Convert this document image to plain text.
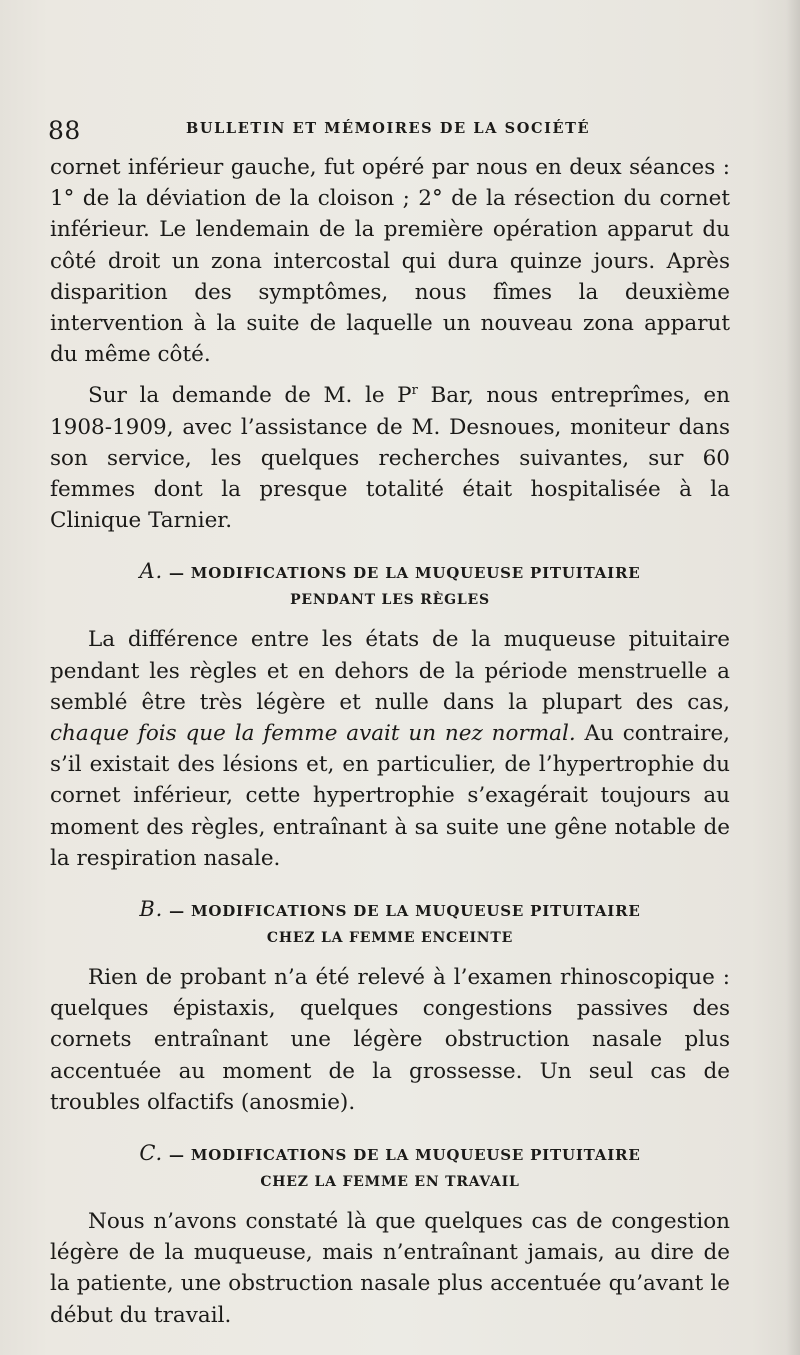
88	BULLETIN ET MÉMOIRES DE LA SOCIÉTÉ

cornet inférieur gauche, fut opéré par nous en deux séances : 1° de la déviation de la cloison ; 2° de la résection du cornet inférieur. Le lendemain de la première opération apparut du côté droit un zona intercostal qui dura quinze jours. Après disparition des symptômes, nous fîmes la deuxième intervention à la suite de laquelle un nouveau zona apparut du même côté.

Sur la demande de M. le $P^r$ Bar, nous entreprîmes, en 1908-1909, avec l’assistance de M. Desnoues, moniteur dans son service, les quelques recherches suivantes, sur 60 femmes dont la presque totalité était hospitalisée à la Clinique Tarnier.

A. — MODIFICATIONS DE LA MUQUEUSE PITUITAIRE
PENDANT LES RÈGLES

La différence entre les états de la muqueuse pituitaire pendant les règles et en dehors de la période menstruelle a semblé être très légère et nulle dans la plupart des cas, chaque fois que la femme avait un nez normal. Au contraire, s’il existait des lésions et, en particulier, de l’hypertrophie du cornet inférieur, cette hypertrophie s’exagérait toujours au moment des règles, entraînant à sa suite une gêne notable de la respiration nasale.

B. — MODIFICATIONS DE LA MUQUEUSE PITUITAIRE
CHEZ LA FEMME ENCEINTE

Rien de probant n’a été relevé à l’examen rhinoscopique : quelques épistaxis, quelques congestions passives des cornets entraînant une légère obstruction nasale plus accentuée au moment de la grossesse. Un seul cas de troubles olfactifs (anosmie).

C. — MODIFICATIONS DE LA MUQUEUSE PITUITAIRE
CHEZ LA FEMME EN TRAVAIL

Nous n’avons constaté là que quelques cas de congestion légère de la muqueuse, mais n’entraînant jamais, au dire de la patiente, une obstruction nasale plus accentuée qu’avant le début du travail.
